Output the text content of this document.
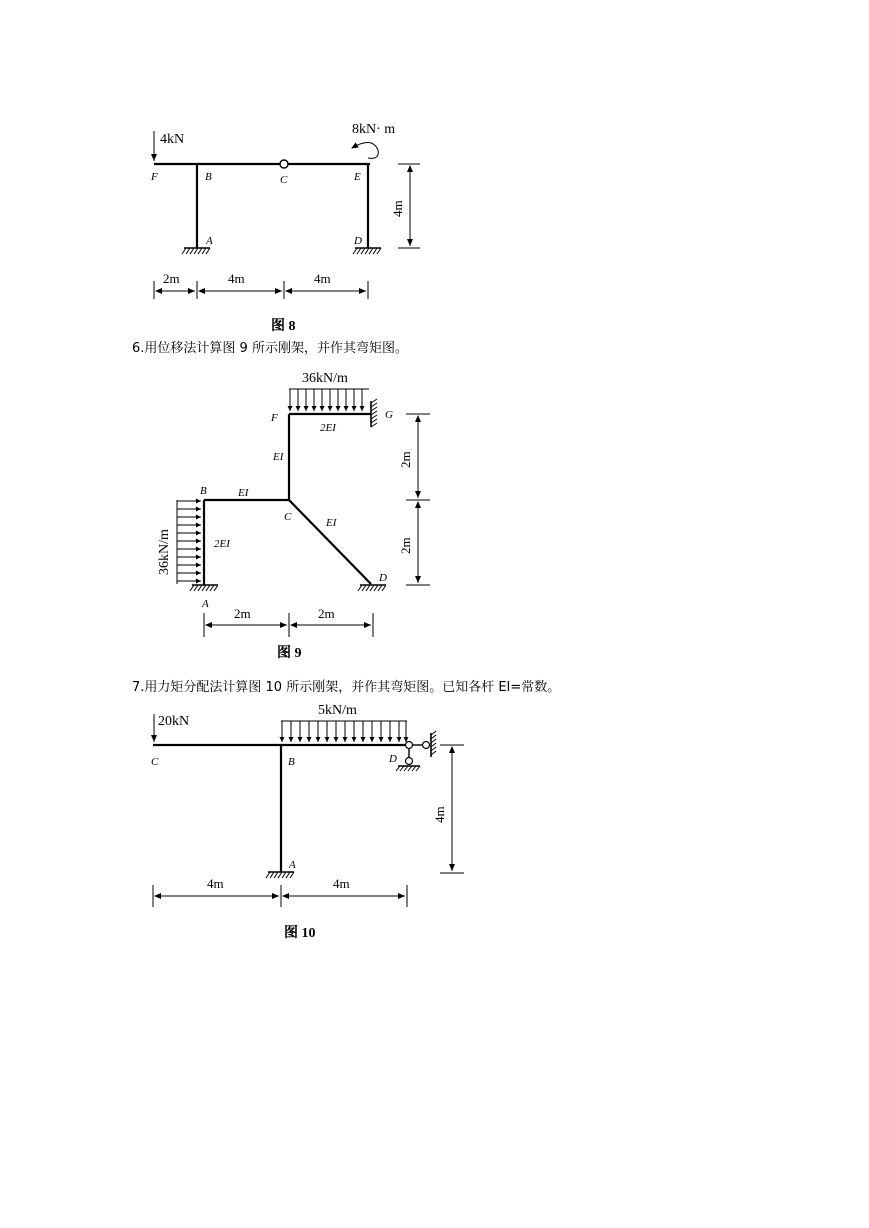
4kN
8kN· m
F	B	C	E
A	D
2m	4m	4m
4m
图 8
6.用位移法计算图 9 所示刚架，并作其弯矩图。
36kN/m
36kN/m
F	G
B
C
A
D
2EI
EI
EI
2EI
EI
2m	2m
2m
2m
图 9
7.用力矩分配法计算图 10 所示刚架，并作其弯矩图。已知各杆 EI=常数。
20kN
5kN/m
C	B	D
A
4m	4m
4m
图 10
